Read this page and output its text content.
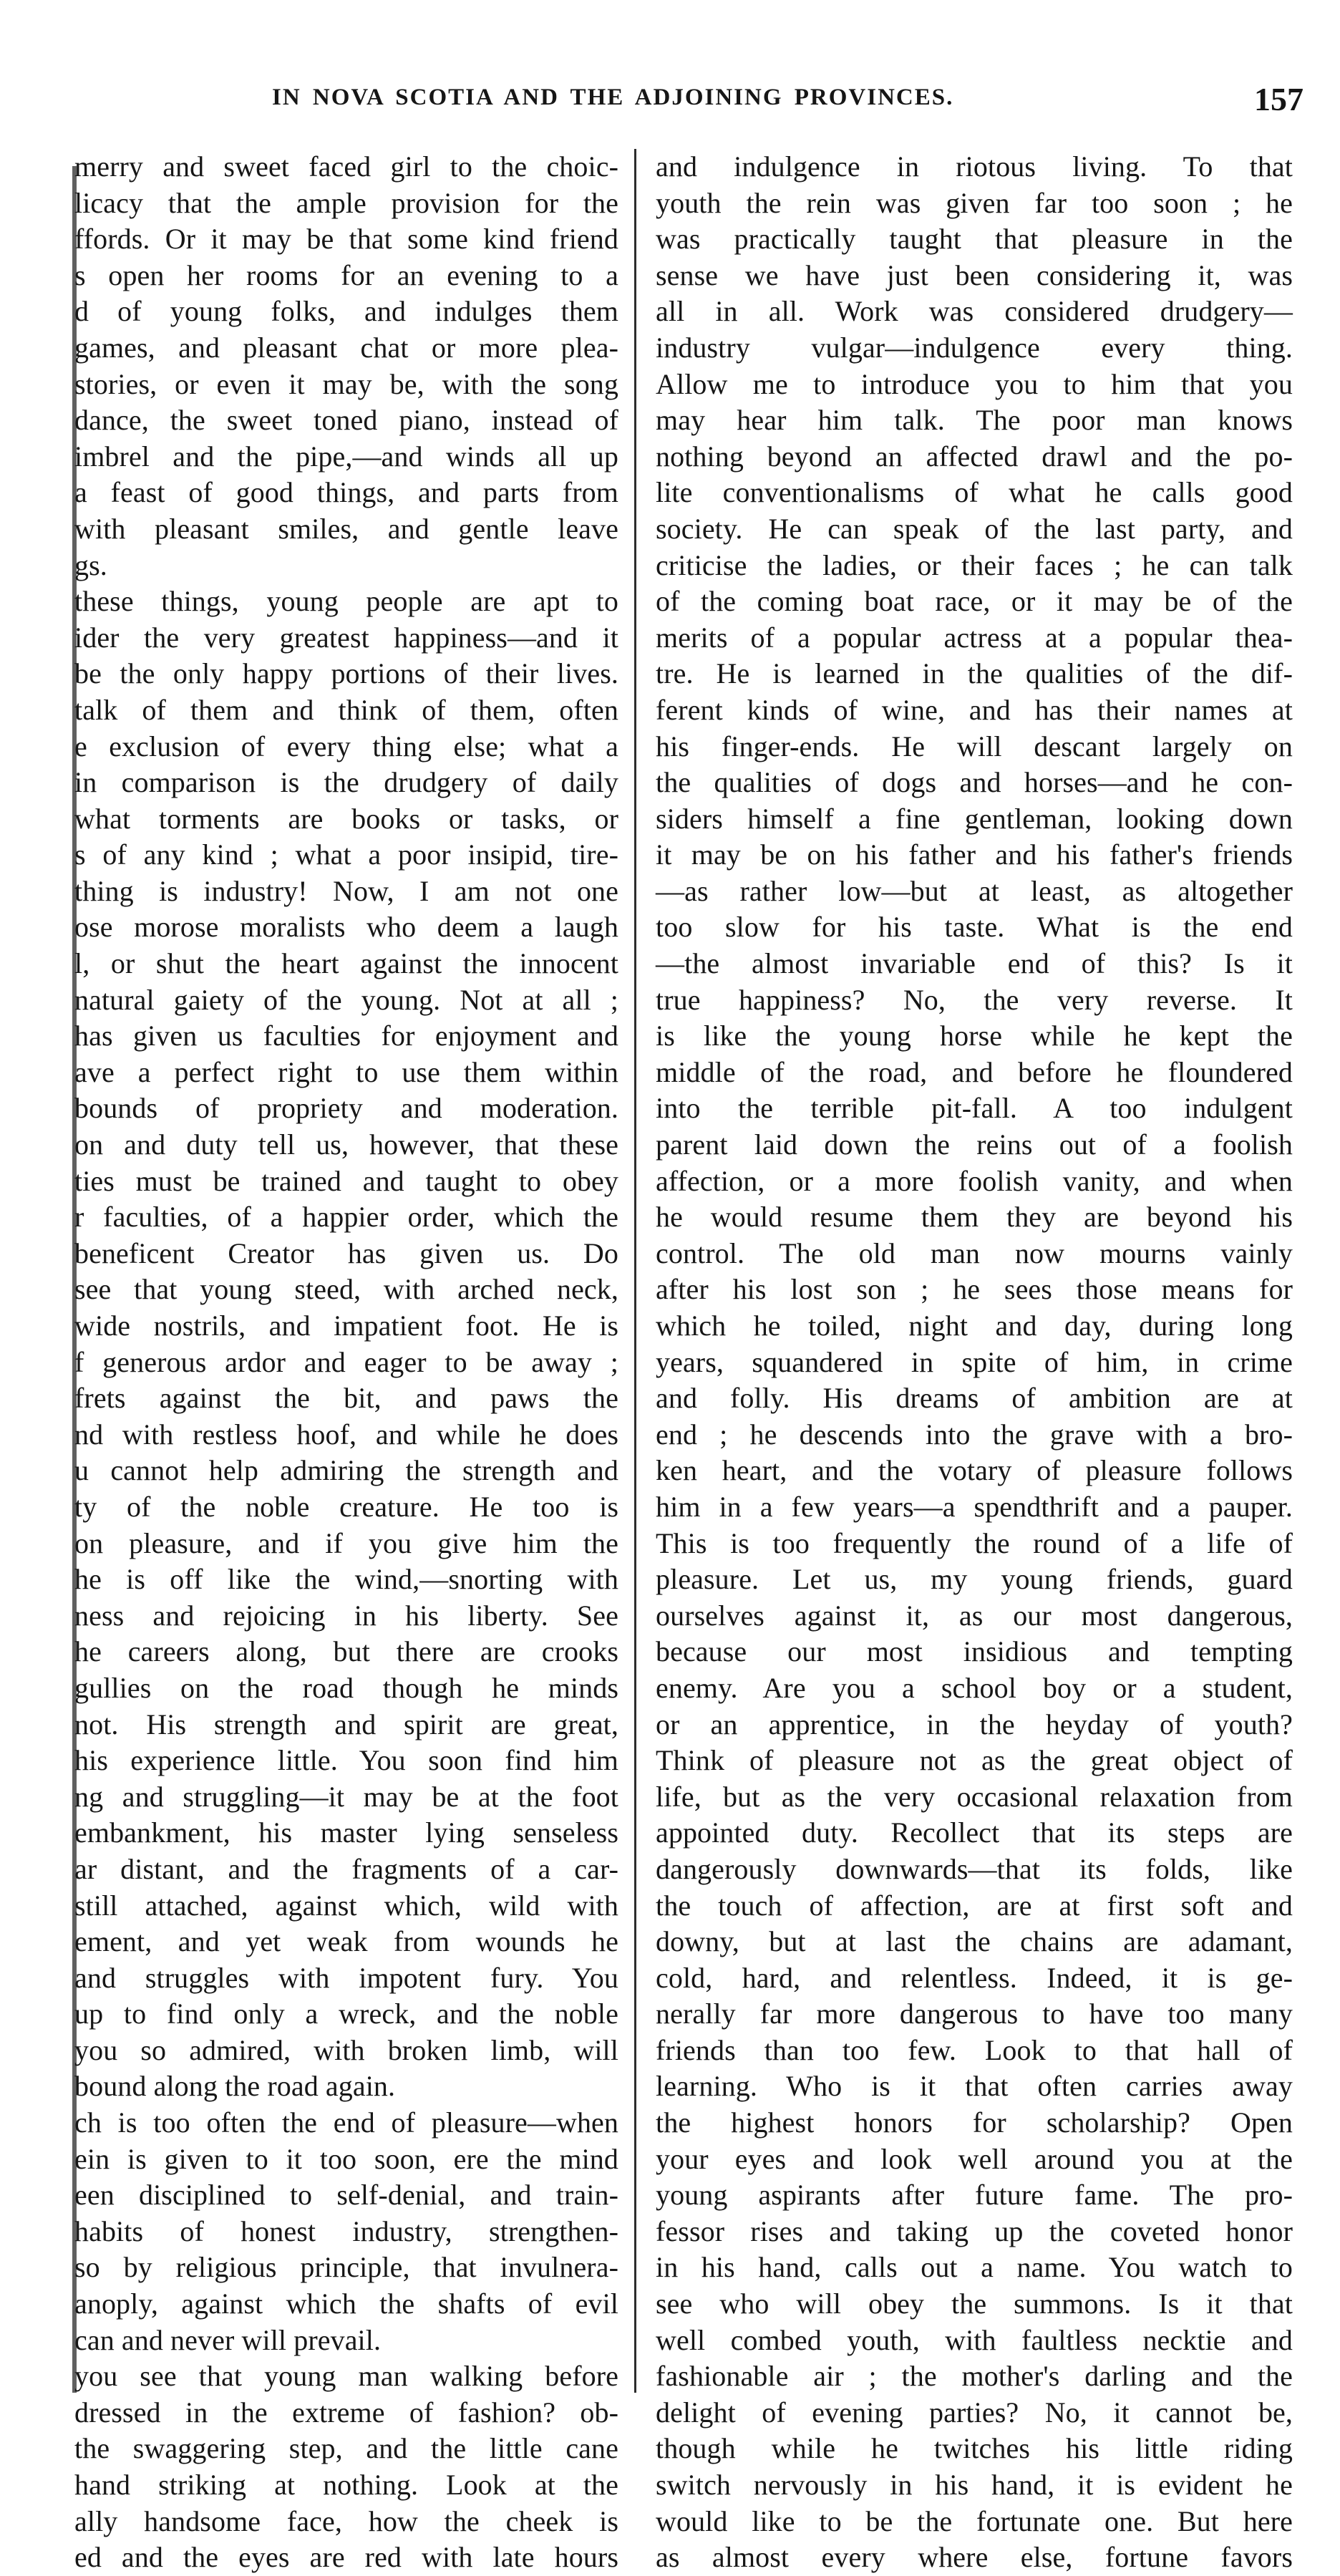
IN NOVA SCOTIA AND THE ADJOINING PROVINCES.	157
merry and sweet faced girl to the choic-
licacy that the ample provision for the
ffords. Or it may be that some kind friend
s open her rooms for an evening to a
d of young folks, and indulges them
games, and pleasant chat or more plea-
stories, or even it may be, with the song
dance, the sweet toned piano, instead of
imbrel and the pipe,—and winds all up
a feast of good things, and parts from
with pleasant smiles, and gentle leave
gs.
these things, young people are apt to
ider the very greatest happiness—and it
be the only happy portions of their lives.
talk of them and think of them, often
e exclusion of every thing else; what a
in comparison is the drudgery of daily
what torments are books or tasks, or
s of any kind ; what a poor insipid, tire-
thing is industry! Now, I am not one
ose morose moralists who deem a laugh
l, or shut the heart against the innocent
natural gaiety of the young. Not at all ;
has given us faculties for enjoyment and
ave a perfect right to use them within
bounds of propriety and moderation.
on and duty tell us, however, that these
ties must be trained and taught to obey
r faculties, of a happier order, which the
beneficent Creator has given us. Do
see that young steed, with arched neck,
wide nostrils, and impatient foot. He is
f generous ardor and eager to be away ;
frets against the bit, and paws the
nd with restless hoof, and while he does
u cannot help admiring the strength and
ty of the noble creature. He too is
on pleasure, and if you give him the
he is off like the wind,—snorting with
ness and rejoicing in his liberty. See
he careers along, but there are crooks
gullies on the road though he minds
not. His strength and spirit are great,
his experience little. You soon find him
ng and struggling—it may be at the foot
embankment, his master lying senseless
ar distant, and the fragments of a car-
still attached, against which, wild with
ement, and yet weak from wounds he
and struggles with impotent fury. You
up to find only a wreck, and the noble
you so admired, with broken limb, will
bound along the road again.
ch is too often the end of pleasure—when
ein is given to it too soon, ere the mind
een disciplined to self-denial, and train-
habits of honest industry, strengthen-
so by religious principle, that invulnera-
anoply, against which the shafts of evil
can and never will prevail.
you see that young man walking before
dressed in the extreme of fashion? ob-
the swaggering step, and the little cane
hand striking at nothing. Look at the
ally handsome face, how the cheek is
ed and the eyes are red with late hours
and indulgence in riotous living. To that
youth the rein was given far too soon ; he
was practically taught that pleasure in the
sense we have just been considering it, was
all in all. Work was considered drudgery—
industry vulgar—indulgence every thing.
Allow me to introduce you to him that you
may hear him talk. The poor man knows
nothing beyond an affected drawl and the po-
lite conventionalisms of what he calls good
society. He can speak of the last party, and
criticise the ladies, or their faces ; he can talk
of the coming boat race, or it may be of the
merits of a popular actress at a popular thea-
tre. He is learned in the qualities of the dif-
ferent kinds of wine, and has their names at
his finger-ends. He will descant largely on
the qualities of dogs and horses—and he con-
siders himself a fine gentleman, looking down
it may be on his father and his father's friends
—as rather low—but at least, as altogether
too slow for his taste. What is the end
—the almost invariable end of this? Is it
true happiness? No, the very reverse. It
is like the young horse while he kept the
middle of the road, and before he floundered
into the terrible pit-fall. A too indulgent
parent laid down the reins out of a foolish
affection, or a more foolish vanity, and when
he would resume them they are beyond his
control. The old man now mourns vainly
after his lost son ; he sees those means for
which he toiled, night and day, during long
years, squandered in spite of him, in crime
and folly. His dreams of ambition are at
end ; he descends into the grave with a bro-
ken heart, and the votary of pleasure follows
him in a few years—a spendthrift and a pauper.
This is too frequently the round of a life of
pleasure. Let us, my young friends, guard
ourselves against it, as our most dangerous,
because our most insidious and tempting
enemy. Are you a school boy or a student,
or an apprentice, in the heyday of youth?
Think of pleasure not as the great object of
life, but as the very occasional relaxation from
appointed duty. Recollect that its steps are
dangerously downwards—that its folds, like
the touch of affection, are at first soft and
downy, but at last the chains are adamant,
cold, hard, and relentless. Indeed, it is ge-
nerally far more dangerous to have too many
friends than too few. Look to that hall of
learning. Who is it that often carries away
the highest honors for scholarship? Open
your eyes and look well around you at the
young aspirants after future fame. The pro-
fessor rises and taking up the coveted honor
in his hand, calls out a name. You watch to
see who will obey the summons. Is it that
well combed youth, with faultless necktie and
fashionable air ; the mother's darling and the
delight of evening parties? No, it cannot be,
though while he twitches his little riding
switch nervously in his hand, it is evident he
would like to be the fortunate one. But here
as almost every where else, fortune favors
